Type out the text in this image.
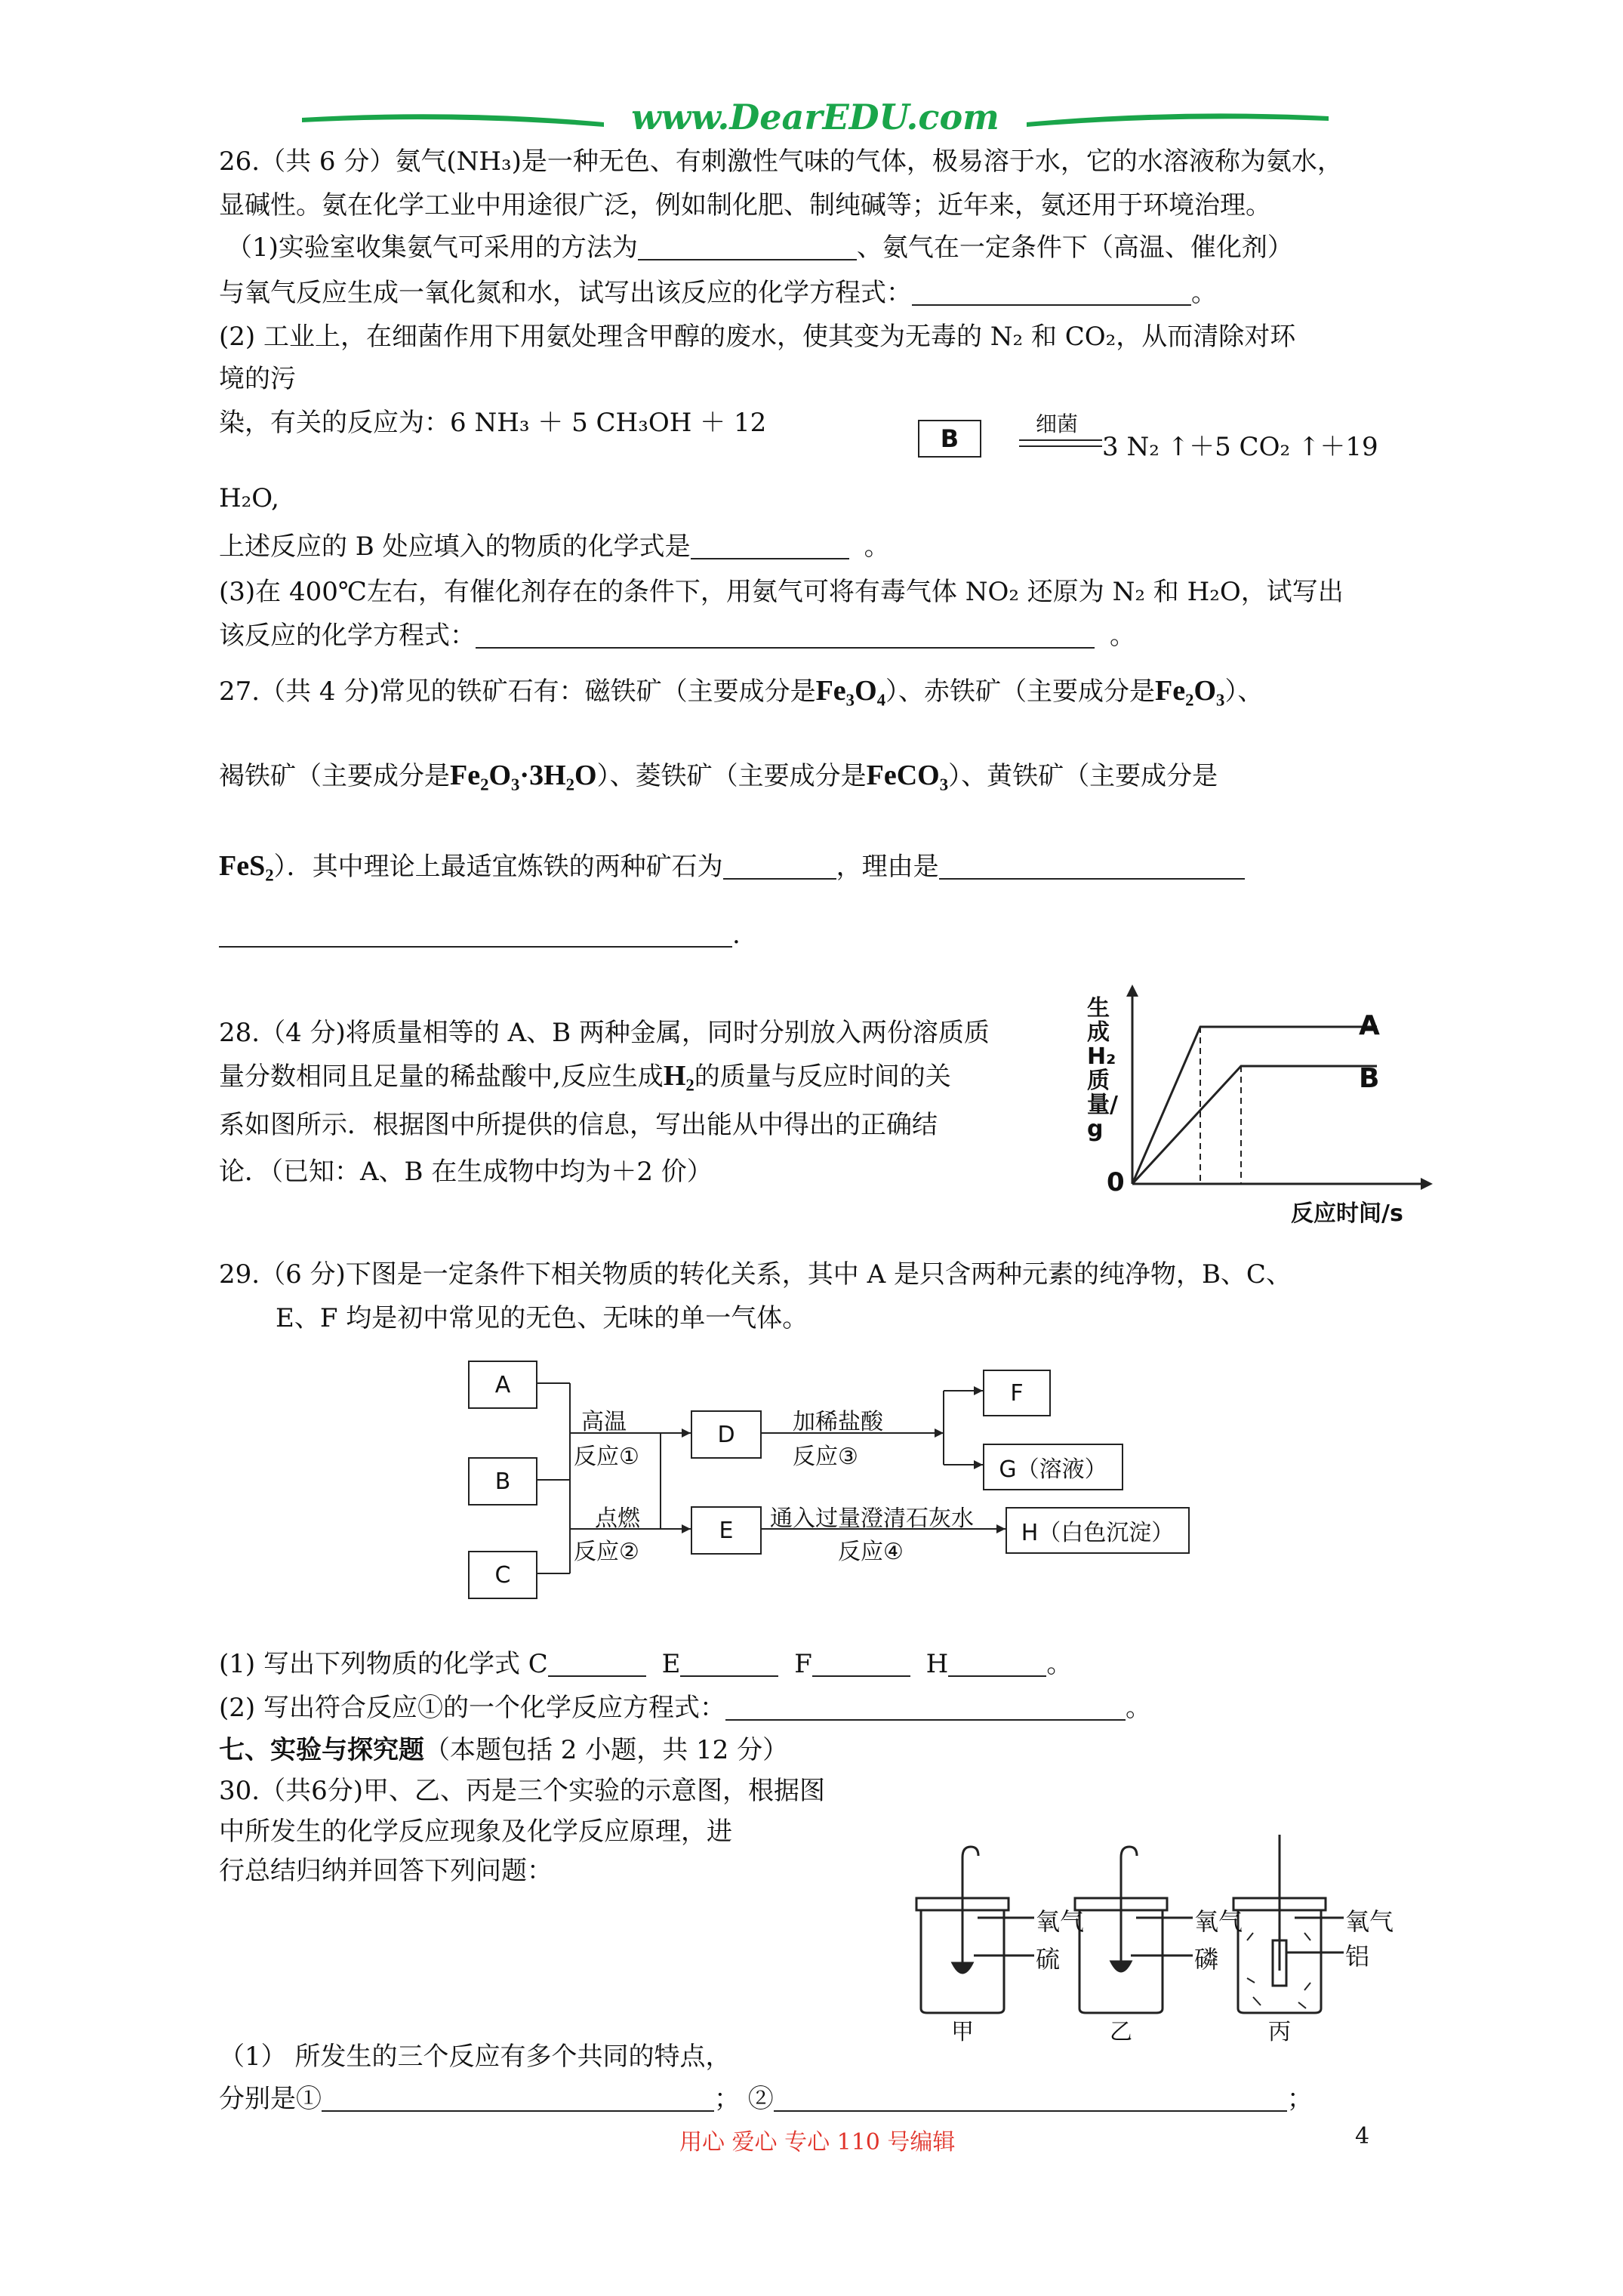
www.DearEDU.com
26.（共 6 分）氨气(NH₃)是一种无色、有刺激性气味的气体，极易溶于水，它的水溶液称为氨水，
显碱性。氨在化学工业中用途很广泛，例如制化肥、制纯碱等；近年来，氨还用于环境治理。
（1)实验室收集氨气可采用的方法为	、氨气在一定条件下（高温、催化剂）
与氧气反应生成一氧化氮和水，试写出该反应的化学方程式：	。
(2) 工业上，在细菌作用下用氨处理含甲醇的废水，使其变为无毒的 N₂ 和 CO₂，从而清除对环
境的污
染，有关的反应为：6 NH₃ ＋ 5 CH₃OH ＋ 12
B
细菌
3 N₂ ↑＋5 CO₂ ↑＋19
H₂O,
上述反应的 B 处应填入的物质的化学式是	。
(3)在 400℃左右，有催化剂存在的条件下，用氨气可将有毒气体 NO₂ 还原为 N₂ 和 H₂O，试写出
该反应的化学方程式：	。
27.（共 4 分)常见的铁矿石有：磁铁矿（主要成分是Fe₃O₄）、赤铁矿（主要成分是Fe₂O₃）、
褐铁矿（主要成分是Fe₂O₃·3H₂O）、菱铁矿（主要成分是FeCO₃）、黄铁矿（主要成分是
FeS₂）．其中理论上最适宜炼铁的两种矿石为	，理由是
.
28.（4 分)将质量相等的 A、B 两种金属，同时分别放入两份溶质质
量分数相同且足量的稀盐酸中,反应生成H₂的质量与反应时间的关
系如图所示．根据图中所提供的信息，写出能从中得出的正确结
论．（已知：A、B 在生成物中均为＋2 价）
生成H₂质量/g
0
反应时间/s
A
B
29.（6 分)下图是一定条件下相关物质的转化关系，其中 A 是只含两种元素的纯净物，B、C、
E、F 均是初中常见的无色、无味的单一气体。
A
B
C
D
E
F
G（溶液）
H（白色沉淀）
高温
反应①
点燃
反应②
加稀盐酸
反应③
通入过量澄清石灰水
反应④
(1) 写出下列物质的化学式 C	E	F	H	。
(2) 写出符合反应①的一个化学反应方程式：	。
七、实验与探究题（本题包括 2 小题，共 12 分）
30.（共6分)甲、乙、丙是三个实验的示意图，根据图
中所发生的化学反应现象及化学反应原理，进
行总结归纳并回答下列问题：
氧气
硫
甲
氧气
磷
乙
氧气
铝
丙
（1） 所发生的三个反应有多个共同的特点，
分别是①	； ②	；
用心 爱心 专心 110 号编辑	4
